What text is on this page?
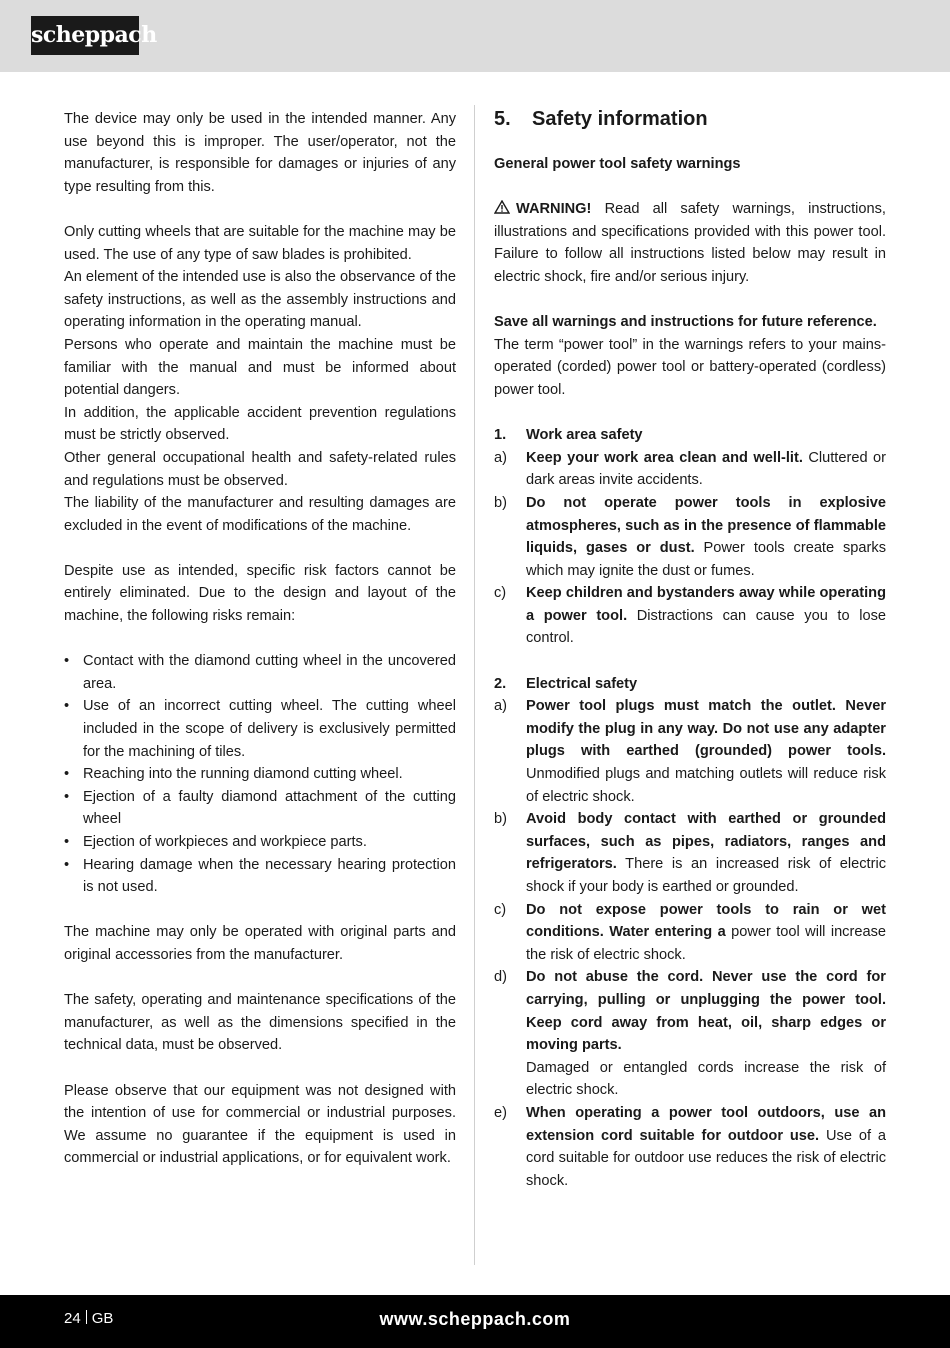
scheppach

The device may only be used in the intended manner. Any use beyond this is improper. The user/operator, not the manufacturer, is responsible for damages or injuries of any type resulting from this.

Only cutting wheels that are suitable for the machine may be used. The use of any type of saw blades is prohibited.

An element of the intended use is also the observance of the safety instructions, as well as the assembly instructions and operating information in the operating manual.

Persons who operate and maintain the machine must be familiar with the manual and must be informed about potential dangers.

In addition, the applicable accident prevention regulations must be strictly observed.

Other general occupational health and safety-related rules and regulations must be observed.

The liability of the manufacturer and resulting damages are excluded in the event of modifications of the machine.

Despite use as intended, specific risk factors cannot be entirely eliminated. Due to the design and layout of the machine, the following risks remain:

• Contact with the diamond cutting wheel in the uncovered area.
• Use of an incorrect cutting wheel. The cutting wheel included in the scope of delivery is exclusively permitted for the machining of tiles.
• Reaching into the running diamond cutting wheel.
• Ejection of a faulty diamond attachment of the cutting wheel
• Ejection of workpieces and workpiece parts.
• Hearing damage when the necessary hearing protection is not used.

The machine may only be operated with original parts and original accessories from the manufacturer.

The safety, operating and maintenance specifications of the manufacturer, as well as the dimensions specified in the technical data, must be observed.

Please observe that our equipment was not designed with the intention of use for commercial or industrial purposes. We assume no guarantee if the equipment is used in commercial or industrial applications, or for equivalent work.

5. Safety information

General power tool safety warnings

WARNING! Read all safety warnings, instructions, illustrations and specifications provided with this power tool. Failure to follow all instructions listed below may result in electric shock, fire and/or serious injury.

Save all warnings and instructions for future reference.

The term “power tool” in the warnings refers to your mains-operated (corded) power tool or battery-operated (cordless) power tool.

1.	Work area safety
a)	Keep your work area clean and well-lit. Cluttered or dark areas invite accidents.
b)	Do not operate power tools in explosive atmospheres, such as in the presence of flammable liquids, gases or dust. Power tools create sparks which may ignite the dust or fumes.
c)	Keep children and bystanders away while operating a power tool. Distractions can cause you to lose control.
2.	Electrical safety
a)	Power tool plugs must match the outlet. Never modify the plug in any way. Do not use any adapter plugs with earthed (grounded) power tools. Unmodified plugs and matching outlets will reduce risk of electric shock.
b)	Avoid body contact with earthed or grounded surfaces, such as pipes, radiators, ranges and refrigerators. There is an increased risk of electric shock if your body is earthed or grounded.
c)	Do not expose power tools to rain or wet conditions. Water entering a power tool will increase the risk of electric shock.
d)	Do not abuse the cord. Never use the cord for carrying, pulling or unplugging the power tool. Keep cord away from heat, oil, sharp edges or moving parts.
Damaged or entangled cords increase the risk of electric shock.
e)	When operating a power tool outdoors, use an extension cord suitable for outdoor use. Use of a cord suitable for outdoor use reduces the risk of electric shock.
24 GB	www.scheppach.com
